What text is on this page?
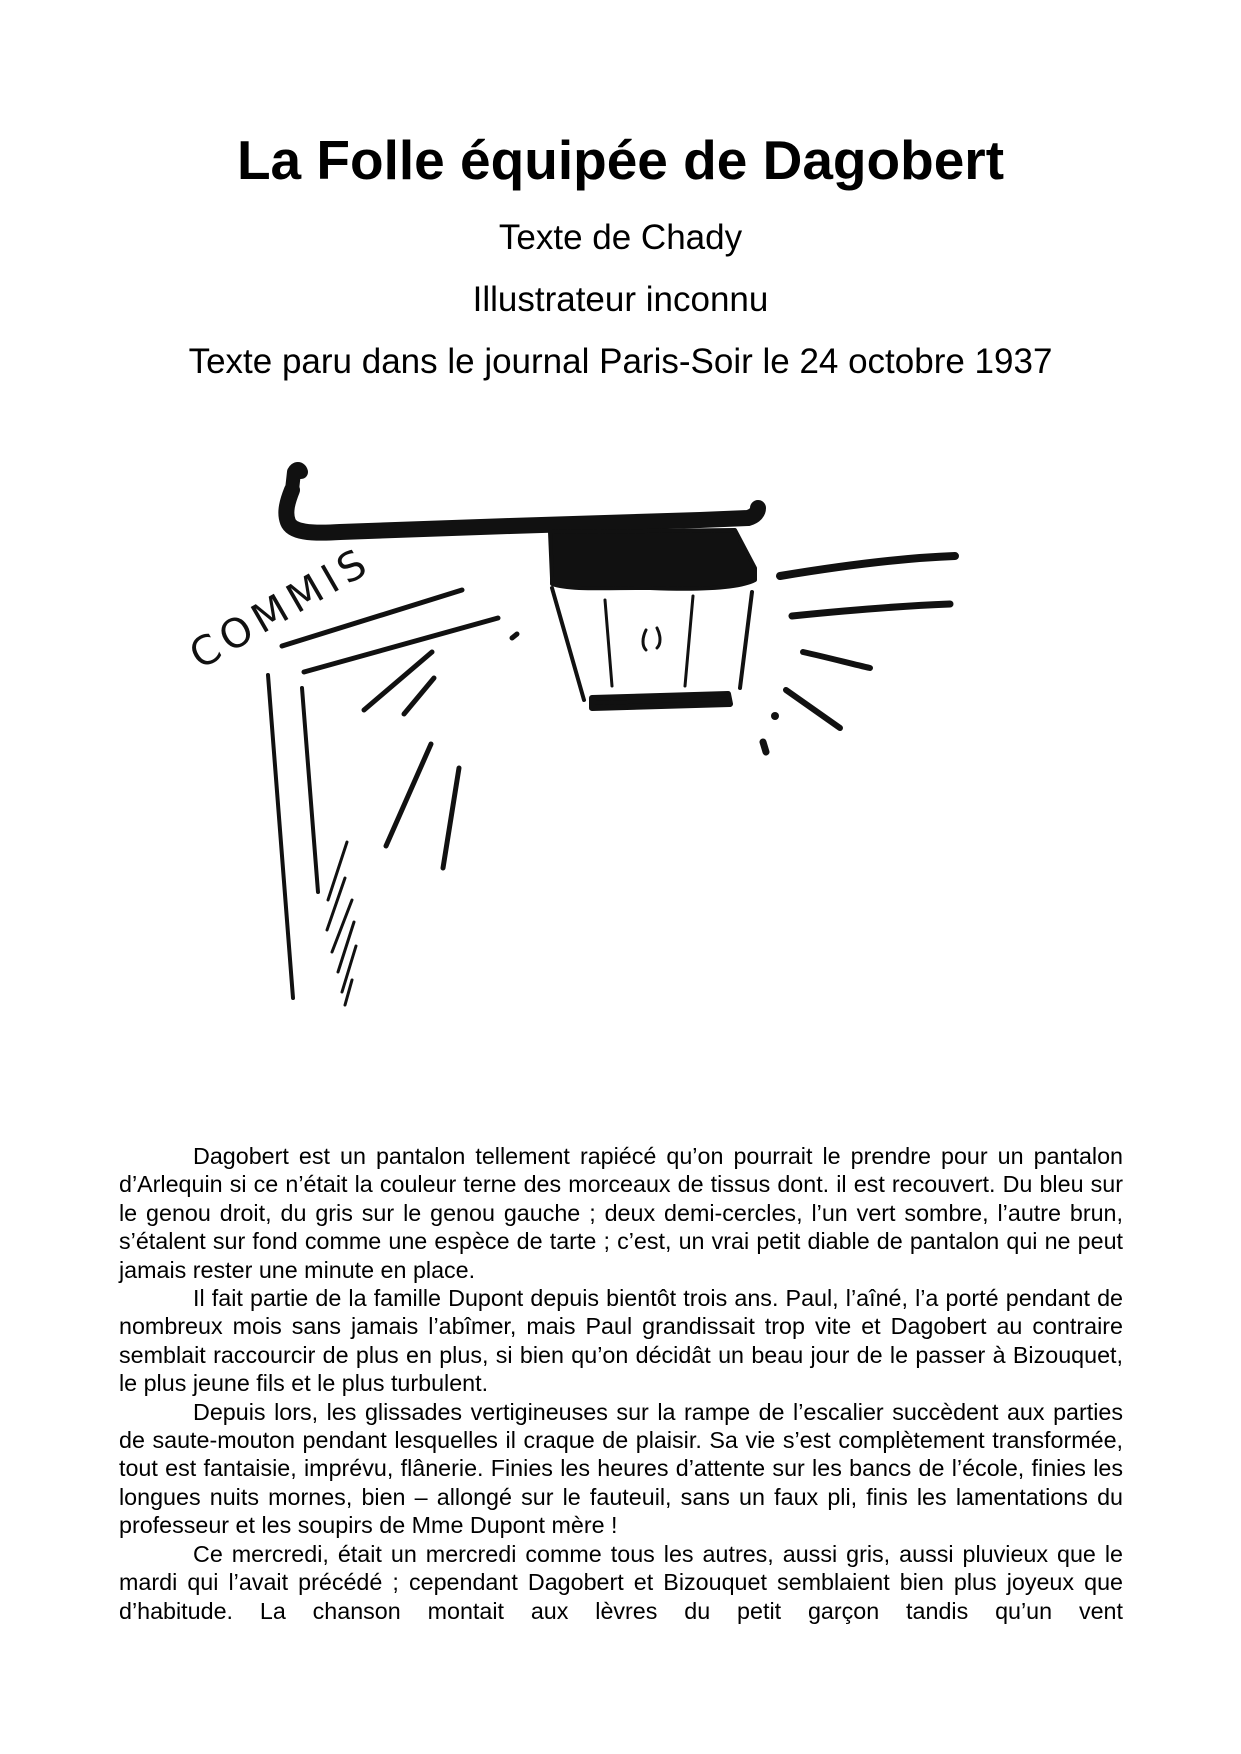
La Folle équipée de Dagobert
Texte de Chady
Illustrateur inconnu
Texte paru dans le journal Paris-Soir le 24 octobre 1937
COMMIS

Dagobert est un pantalon tellement rapiécé qu’on pourrait le prendre pour un pantalon d’Arlequin si ce n’était la couleur terne des morceaux de tissus dont. il est recouvert. Du bleu sur le genou droit, du gris sur le genou gauche ; deux demi-cercles, l’un vert sombre, l’autre brun, s’étalent sur fond comme une espèce de tarte ; c’est, un vrai petit diable de pantalon qui ne peut jamais rester une minute en place.

Il fait partie de la famille Dupont depuis bientôt trois ans. Paul, l’aîné, l’a porté pendant de nombreux mois sans jamais l’abîmer, mais Paul grandissait trop vite et Dagobert au contraire semblait raccourcir de plus en plus, si bien qu’on décidât un beau jour de le passer à Bizouquet, le plus jeune fils et le plus turbulent.

Depuis lors, les glissades vertigineuses sur la rampe de l’escalier succèdent aux parties de saute-mouton pendant lesquelles il craque de plaisir. Sa vie s’est complètement transformée, tout est fantaisie, imprévu, flânerie. Finies les heures d’attente sur les bancs de l’école, finies les longues nuits mornes, bien – allongé sur le fauteuil, sans un faux pli, finis les lamentations du professeur et les soupirs de Mme Dupont mère !

Ce mercredi, était un mercredi comme tous les autres, aussi gris, aussi pluvieux que le mardi qui l’avait précédé ; cependant Dagobert et Bizouquet semblaient bien plus joyeux que d’habitude. La chanson montait aux lèvres du petit garçon tandis qu’un vent
